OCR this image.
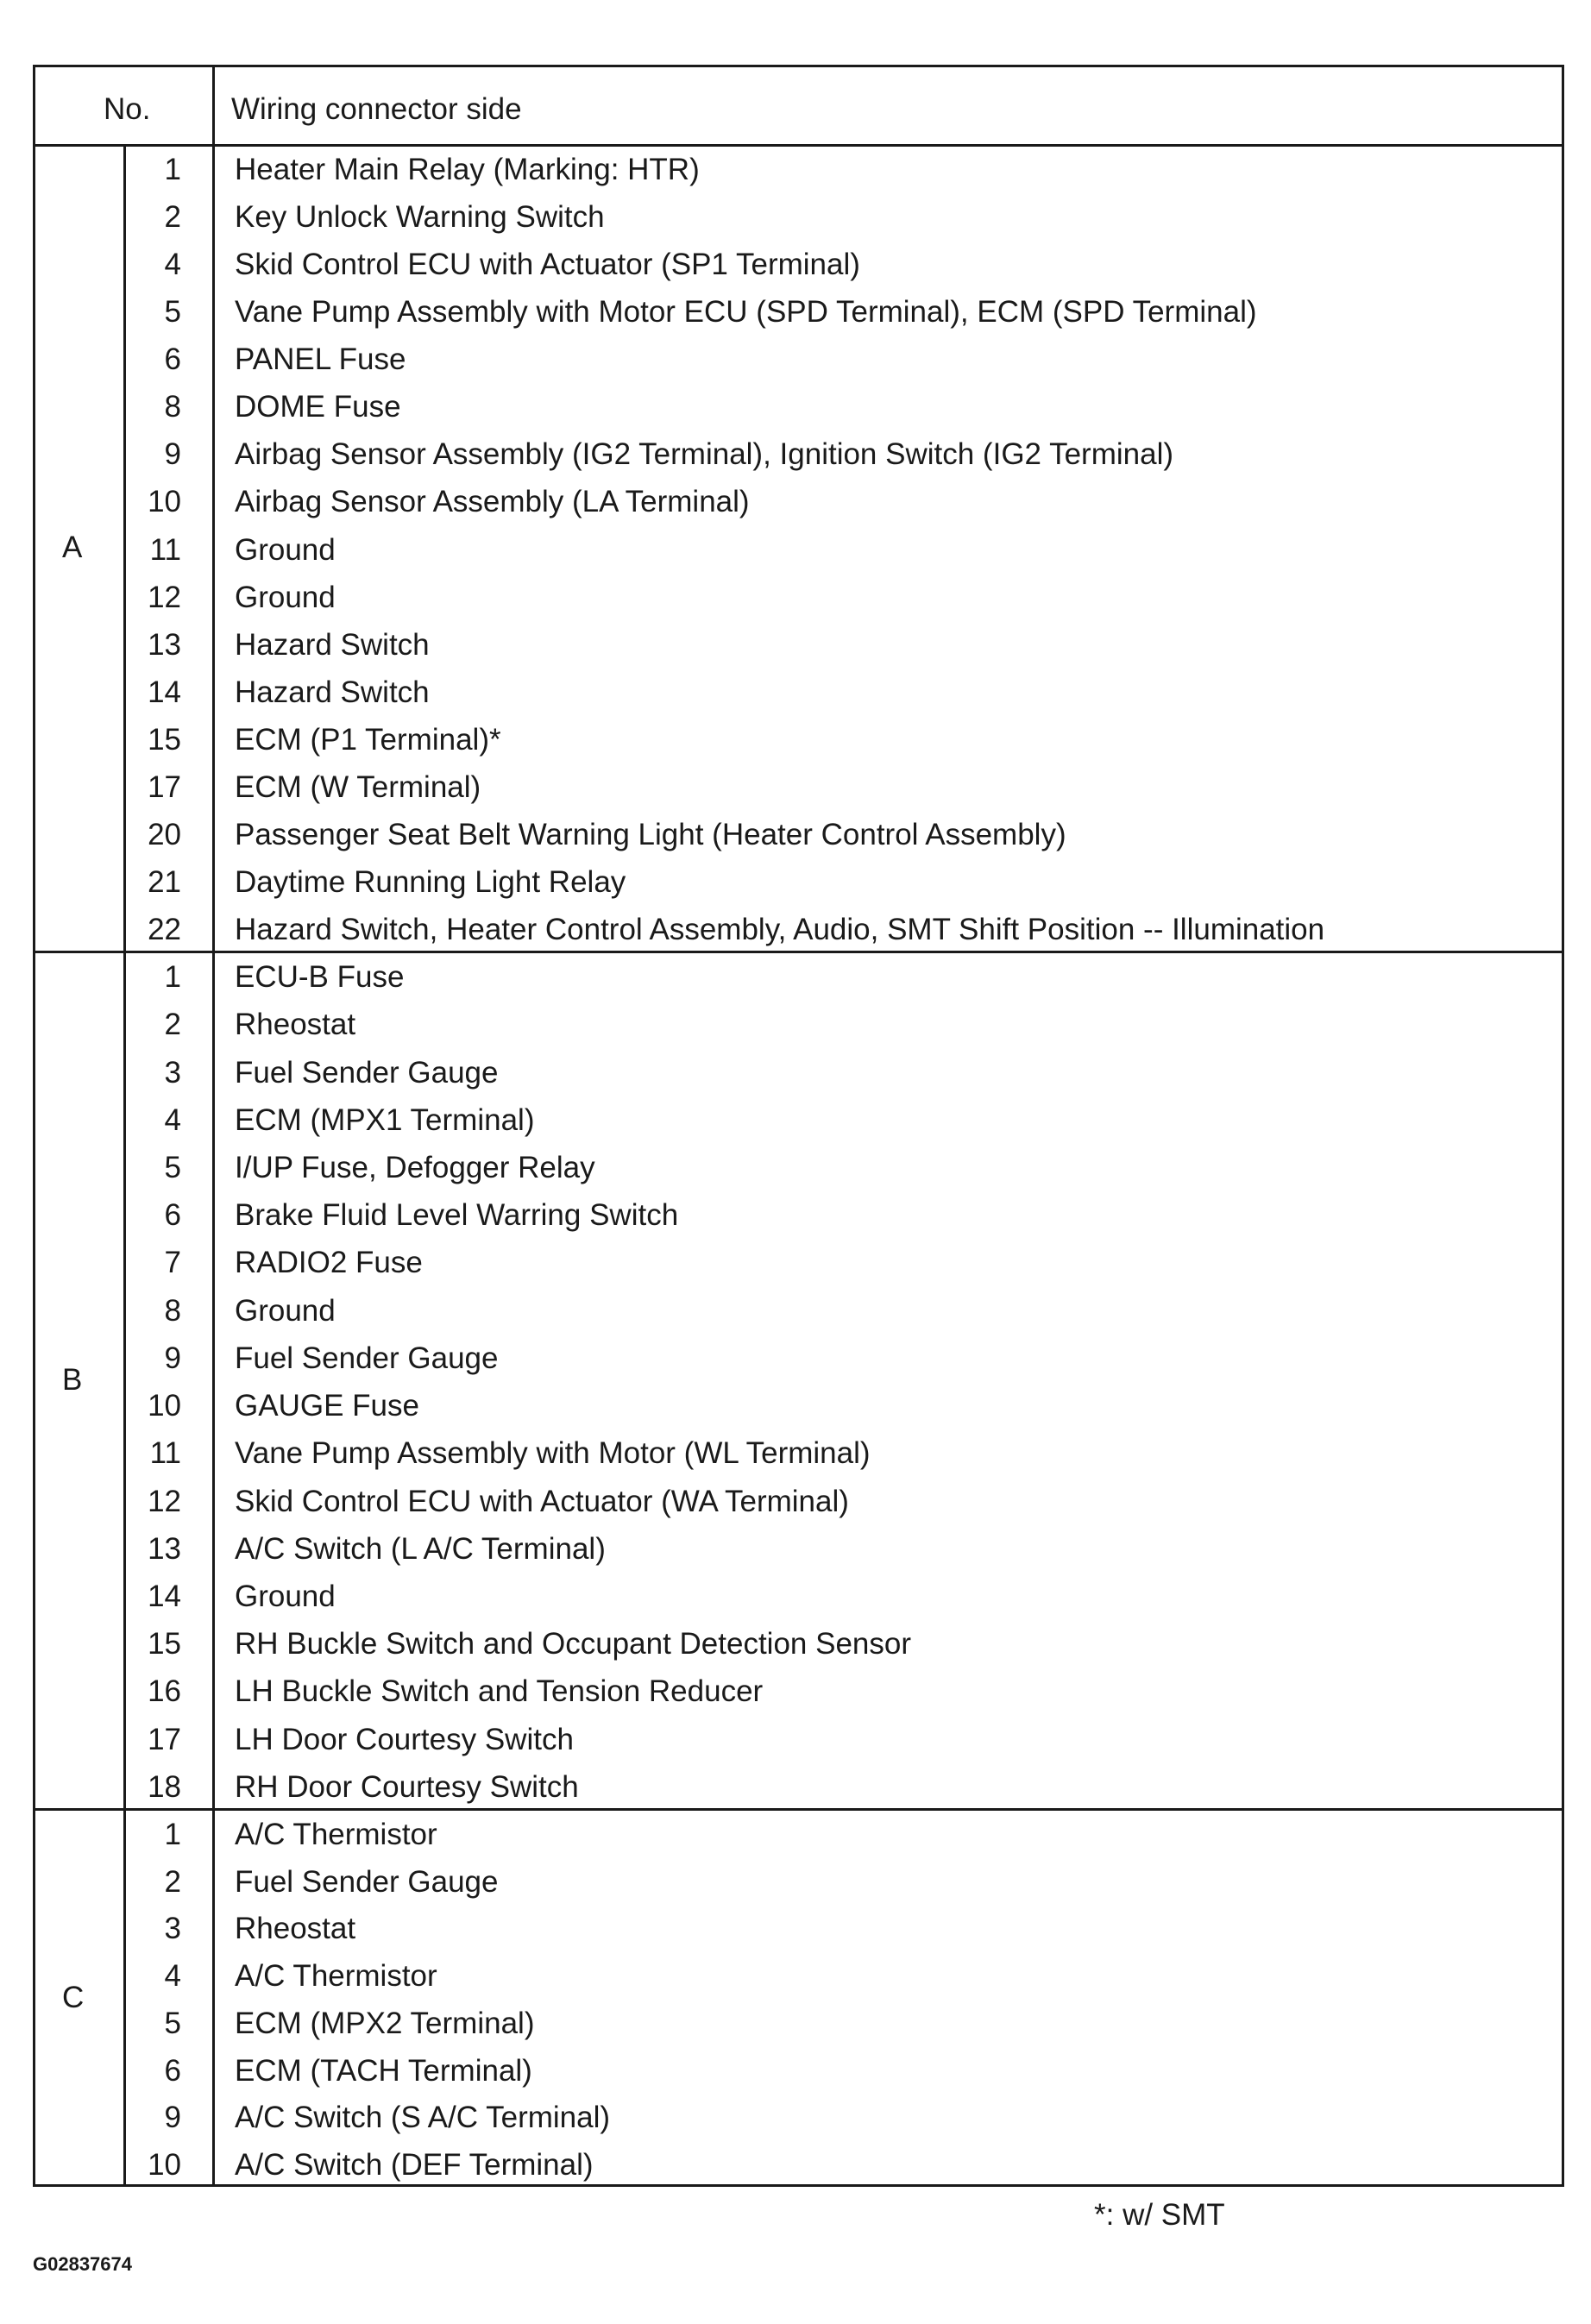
No.	Wiring connector side
A
1 Heater Main Relay (Marking: HTR)
2 Key Unlock Warning Switch
4 Skid Control ECU with Actuator (SP1 Terminal)
5 Vane Pump Assembly with Motor ECU (SPD Terminal), ECM (SPD Terminal)
6 PANEL Fuse
8 DOME Fuse
9 Airbag Sensor Assembly (IG2 Terminal), Ignition Switch (IG2 Terminal)
10 Airbag Sensor Assembly (LA Terminal)
11 Ground
12 Ground
13 Hazard Switch
14 Hazard Switch
15 ECM (P1 Terminal)*
17 ECM (W Terminal)
20 Passenger Seat Belt Warning Light (Heater Control Assembly)
21 Daytime Running Light Relay
22 Hazard Switch, Heater Control Assembly, Audio, SMT Shift Position -- Illumination
B
1 ECU-B Fuse
2 Rheostat
3 Fuel Sender Gauge
4 ECM (MPX1 Terminal)
5 I/UP Fuse, Defogger Relay
6 Brake Fluid Level Warring Switch
7 RADIO2 Fuse
8 Ground
9 Fuel Sender Gauge
10 GAUGE Fuse
11 Vane Pump Assembly with Motor (WL Terminal)
12 Skid Control ECU with Actuator (WA Terminal)
13 A/C Switch (L A/C Terminal)
14 Ground
15 RH Buckle Switch and Occupant Detection Sensor
16 LH Buckle Switch and Tension Reducer
17 LH Door Courtesy Switch
18 RH Door Courtesy Switch
C
1 A/C Thermistor
2 Fuel Sender Gauge
3 Rheostat
4 A/C Thermistor
5 ECM (MPX2 Terminal)
6 ECM (TACH Terminal)
9 A/C Switch (S A/C Terminal)
10 A/C Switch (DEF Terminal)
*: w/ SMT
G02837674
